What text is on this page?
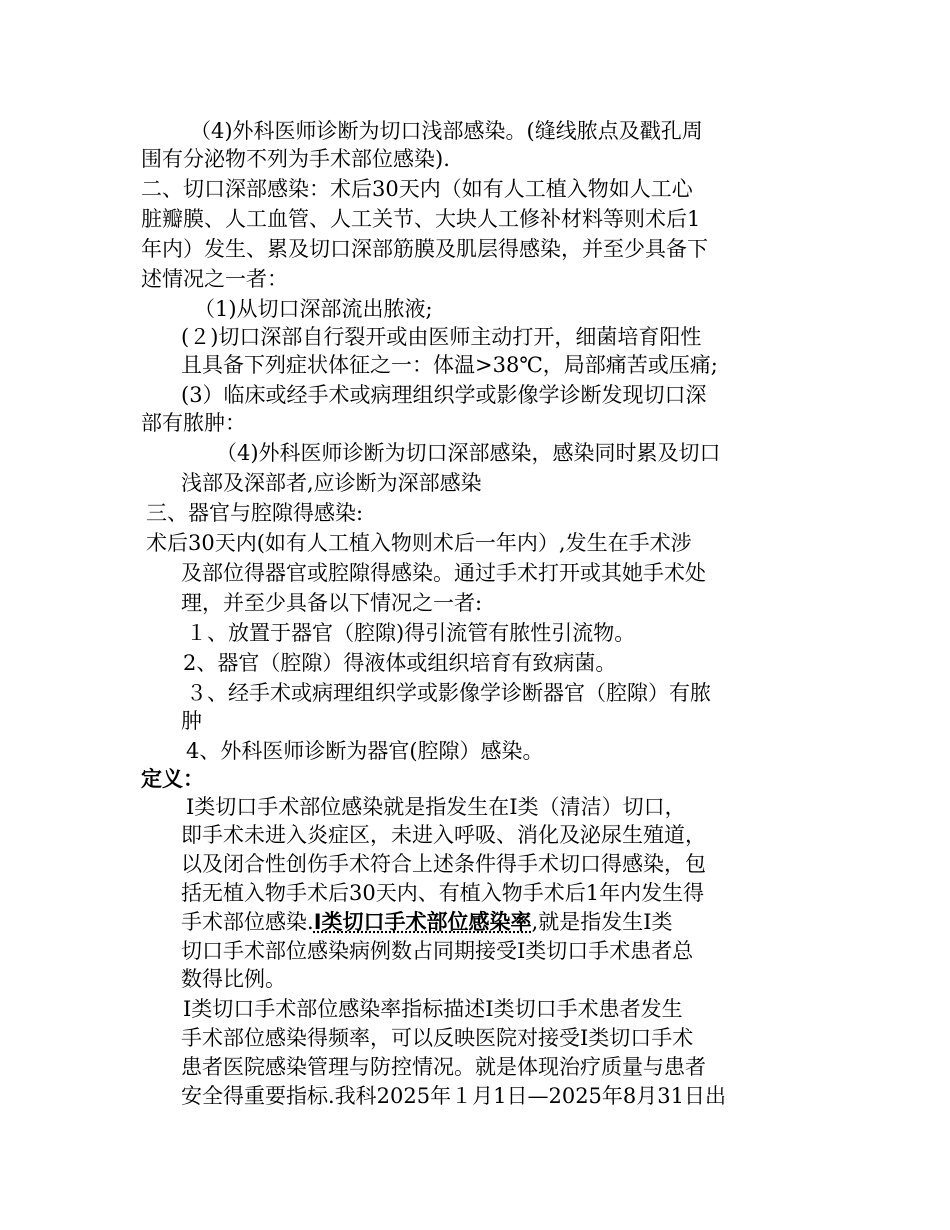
（4)外科医师诊断为切口浅部感染。(缝线脓点及戳孔周
围有分泌物不列为手术部位感染).
二、切口深部感染：术后30天内（如有人工植入物如人工心
脏瓣膜、人工血管、人工关节、大块人工修补材料等则术后1
年内）发生、累及切口深部筋膜及肌层得感染，并至少具备下
述情况之一者：
（1)从切口深部流出脓液;
(２)切口深部自行裂开或由医师主动打开，细菌培育阳性
且具备下列症状体征之一：体温>38℃，局部痛苦或压痛;
(3）临床或经手术或病理组织学或影像学诊断发现切口深
部有脓肿：
（4)外科医师诊断为切口深部感染，感染同时累及切口
浅部及深部者,应诊断为深部感染
三、器官与腔隙得感染:
术后30天内(如有人工植入物则术后一年内）,发生在手术涉
及部位得器官或腔隙得感染。通过手术打开或其她手术处
理，并至少具备以下情况之一者:
１、放置于器官（腔隙)得引流管有脓性引流物。
2、器官（腔隙）得液体或组织培育有致病菌。
３、经手术或病理组织学或影像学诊断器官（腔隙）有脓
肿
4、外科医师诊断为器官(腔隙）感染。
定义：
Ⅰ类切口手术部位感染就是指发生在Ⅰ类（清洁）切口，
即手术未进入炎症区，未进入呼吸、消化及泌尿生殖道，
以及闭合性创伤手术符合上述条件得手术切口得感染，包
括无植入物手术后30天内、有植入物手术后1年内发生得
手术部位感染.Ⅰ类切口手术部位感染率,就是指发生Ⅰ类
切口手术部位感染病例数占同期接受Ⅰ类切口手术患者总
数得比例。
Ⅰ类切口手术部位感染率指标描述Ⅰ类切口手术患者发生
手术部位感染得频率，可以反映医院对接受Ⅰ类切口手术
患者医院感染管理与防控情况。就是体现治疗质量与患者
安全得重要指标.我科2025年１月1日—2025年8月31日出
